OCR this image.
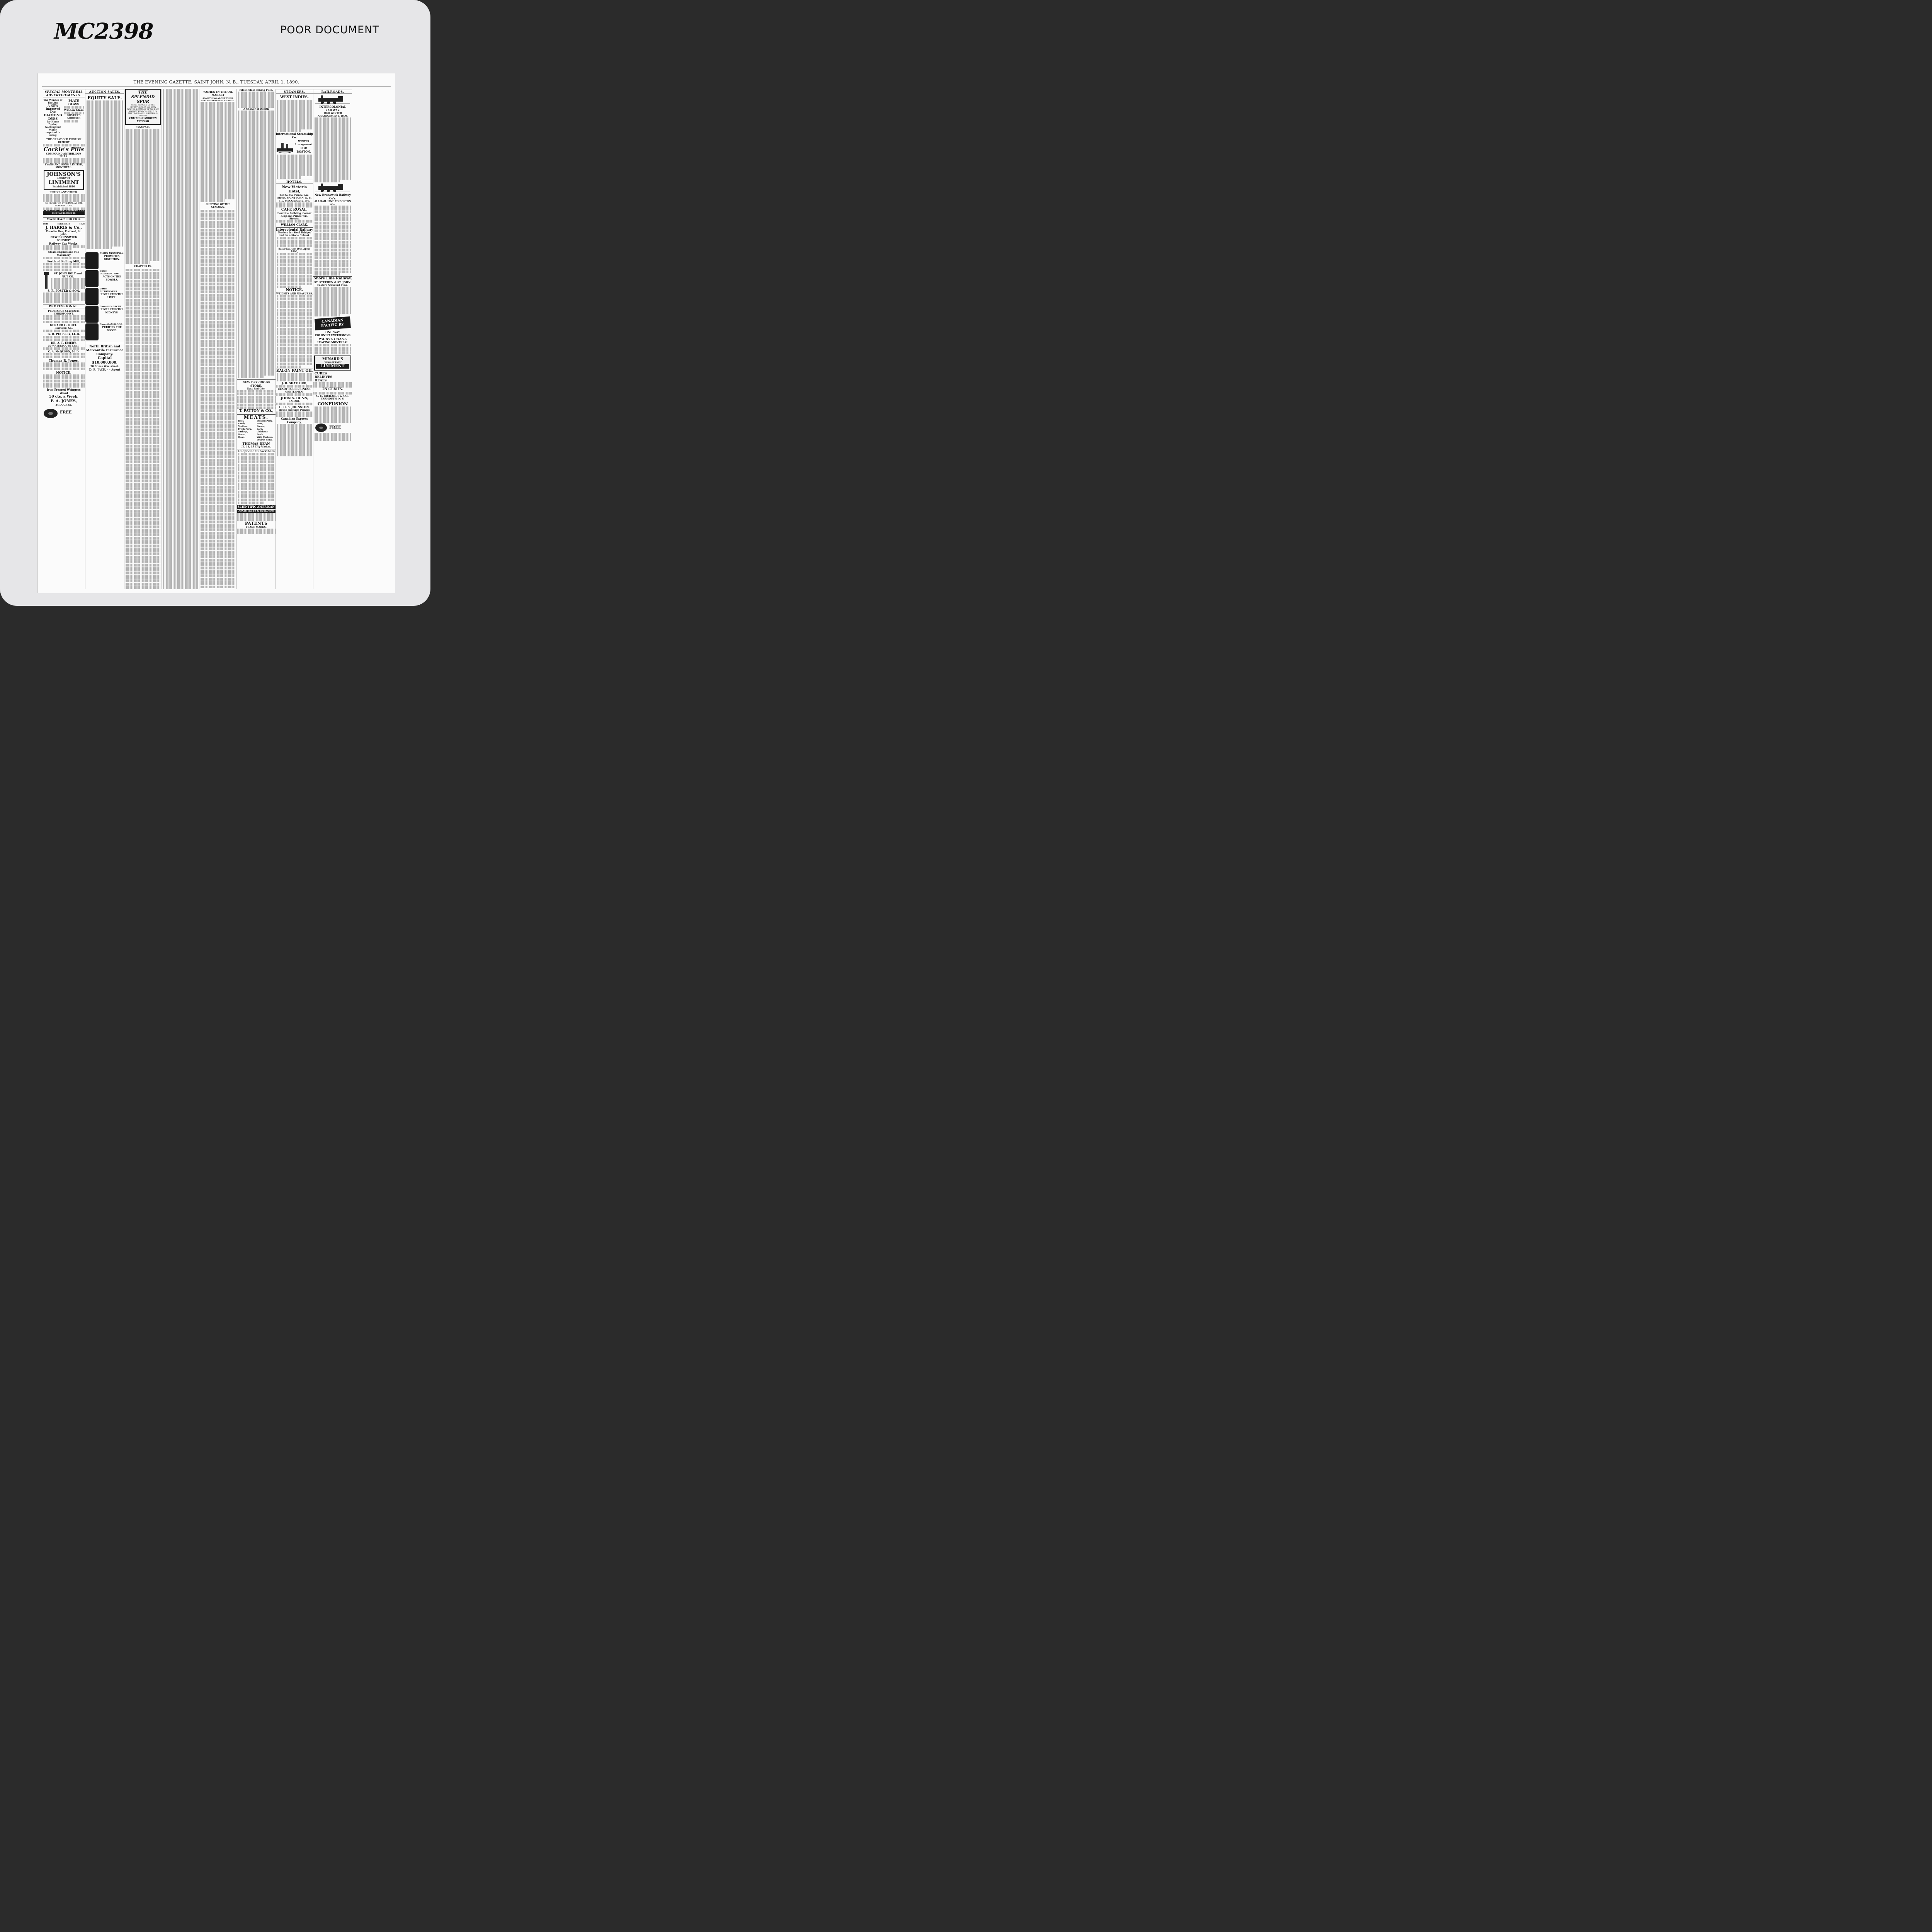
MC2398	POOR DOCUMENT
THE EVENING GAZETTE, SAINT JOHN, N. B., TUESDAY, APRIL 1, 1890.
SPECIAL MONTREAL ADVERTISEMENTS.
The Wonder of The Age
A NEW Improved Dye
DIAMOND DYES
for Home Dyeing
Nothing but Water
required in using
PLATE GLASS
Window Glass
SILVERED
MIRRORS
THE GREAT OLD ENGLISH REMEDY
Cockle's Pills
COMPOUND ANTIBILIOUS PILLS.
EVANS AND SONS, LIMITED, MONTREAL.
JOHNSON'S
ANODYNE
LINIMENT
Established 1810
UNLIKE ANY OTHER.
AS MUCH FOR INTERNAL AS FOR EXTERNAL USE.
GENERATION AFTER GENERATION HAVE USED AND BLESSED IT.
MANUFACTURERS.
1828	Established	1828
J. HARRIS & Co.,
Paradise Row, Portland, St. John.
NEW BRUNSWICK FOUNDRY
Railway Car Works,
Steam Engines and Mill Machinery
Portland Rolling Mill,
ST. JOHN BOLT and NUT CO.
S. R. FOSTER & SON,
PROFESSIONAL.
PROFESSOR SEYMOUR, CHIROPODIST.
GERARD G. RUEL,
Barrister, &c.,
G. R. PUGSLEY, LL.B.
DR. A. F. EMERY,
50 WATERLOO STREET,
C. A. McQUEEN, M. D.
Thomas R. Jones,
NOTICE.
Iron Framed Wringers
Wood
50 cts. a Week.
F. A. JONES,
34 DOCK ST.
FREE
AUCTION SALES.
EQUITY SALE.
CURES DYSPEPSIA.
PROMOTES DIGESTION.
Cures CONSTIPATION
ACTS ON THE BOWELS.
Cures BILIOUSNESS.
REGULATES THE LIVER.
Cures HEADACHE.
REGULATES THE KIDNEYS.
Cures BAD BLOOD.
PURIFIES THE BLOOD.
North British and Mercantile Insurance Company.
Capital $10,000,000.
70 Prince Wm. street.
D. R. JACK, - - Agent
THE SPLENDID SPUR
BEING MEMOIRS OF THE ADVENTURES OF MR. JOHN MARVEL A SERVANT OF HIS LATE MAJESTY KING CHARLES I. IN THE YEARS 1642-3 WRITTEN BY HIMSELF
EDITED IN MODERN ENGLISH
SYNOPSIS.
CHAPTER IX.
WOMEN IN THE OIL MARKET
SOMETHING ABOUT THEIR SPECULATIONS ON 'CHANGE.
SHIFTING OF THE SEASONS.
Piles! Piles! Itching Piles.
A Shower of Wealth
NEW DRY GOODS STORE,
East End City.
T. PATTON & CO.,
MEATS.
Beef,
Lamb,
Mutton,
Fresh Pork,
Turkeys,
Geese,
Quail,
Pickled Pork,
Ham,
Bacon,
Lard,
Chickens,
Duck,
Wild Turkeys,
Prairie Hens.
THOMAS DEAN
13, 14, 15 City Market.
Telephone Subscribers
SCIENTIFIC AMERICAN
ARCHITECTS & BUILDERS
PATENTS
TRADE MARKS.
STEAMERS.
WEST INDIES.
International Steamship Co.
WINTER Arrangement.
FOR BOSTON.
HOTELS.
New Victoria Hotel,
248 to 252 Prince Wm. Street, SAINT JOHN, N. B.
J. L. McCOSKERY, Pro.
CAFE ROYAL,
Domville Building, Corner King and Prince Wm. Streets.
WILLIAM CLARK.
Intercolonial Railway
Tenders for Steel Bridges and for a Stone Culvert.
Saturday, the 19th April, 1890,
NOTICE.
WEIGHTS AND MEASURES.
KALON PAINT OIL
J. D. SHATFORD,
READY FOR BUSINESS.
GENTLEMEN:
JOHN S. DUNN,
TAILOR,
C. H. S. JOHNSTON,
House and Sign Painter.
Canadian Express Company,
RAILROADS.
INTERCOLONIAL RAILWAY.
1890 WINTER ARRANGEMENT. 1890.
New Brunswick Railway Co'y.
ALL RAIL LINE TO BOSTON &C.
Shore Line Railway,
ST. STEPHEN & ST. JOHN.
Eastern Standard Time.
CANADIAN PACIFIC RY.
ONE WAY
COLONIST EXCURSIONS
PACIFIC COAST.
LEAVING MONTREAL
MINARD'S
"KING OF PAIN"
LINIMENT
CURES
RELIEVES
HEALS
25 CENTS.
C. C. RICHARDS & CO.,
YARMOUTH, N. S.
CONFUSION
FREE
